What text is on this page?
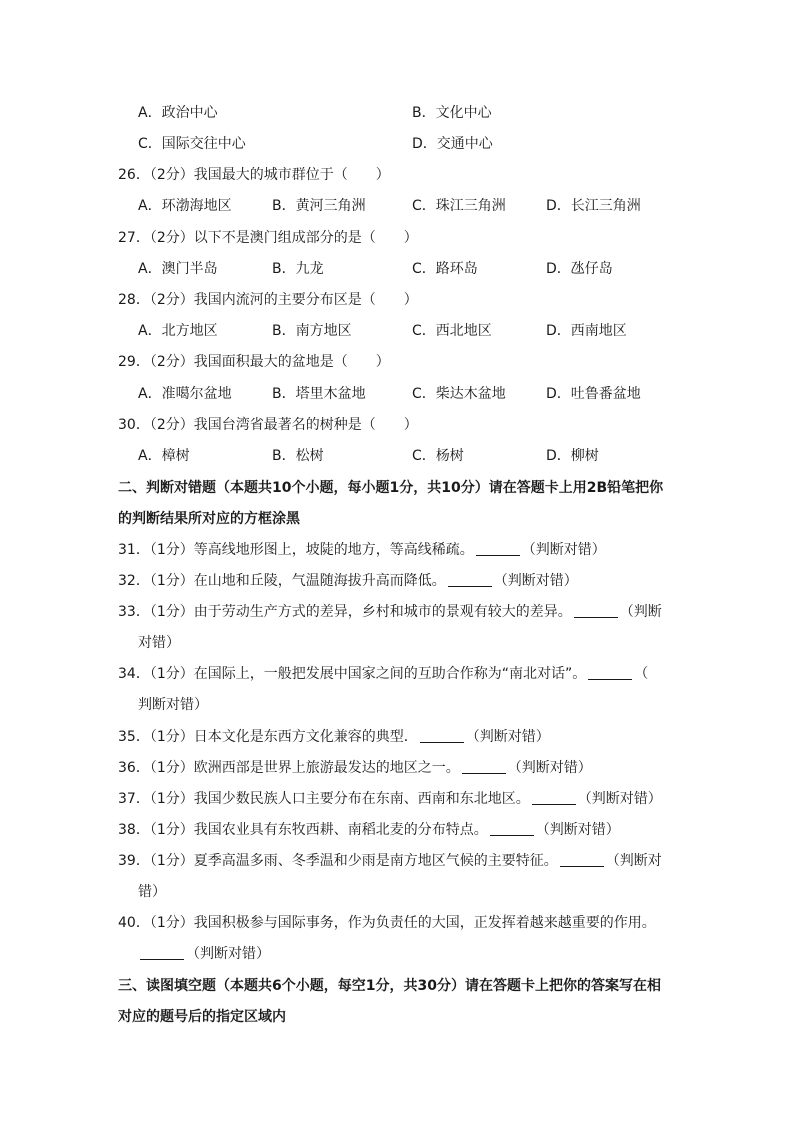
A．政治中心	B．文化中心
C．国际交往中心	D．交通中心
26．（2分）我国最大的城市群位于（　　）
A．环渤海地区	B．黄河三角洲	C．珠江三角洲	D．长江三角洲
27．（2分）以下不是澳门组成部分的是（　　）
A．澳门半岛	B．九龙	C．路环岛	D．氹仔岛
28．（2分）我国内流河的主要分布区是（　　）
A．北方地区	B．南方地区	C．西北地区	D．西南地区
29．（2分）我国面积最大的盆地是（　　）
A．准噶尔盆地	B．塔里木盆地	C．柴达木盆地	D．吐鲁番盆地
30．（2分）我国台湾省最著名的树种是（　　）
A．樟树	B．松树	C．杨树	D．柳树
二、判断对错题（本题共10个小题，每小题1分，共10分）请在答题卡上用2B铅笔把你
的判断结果所对应的方框涂黑
31．（1分）等高线地形图上，坡陡的地方，等高线稀疏。	（判断对错）
32．（1分）在山地和丘陵，气温随海拔升高而降低。	（判断对错）
33．（1分）由于劳动生产方式的差异，乡村和城市的景观有较大的差异。	（判断
对错）
34．（1分）在国际上，一般把发展中国家之间的互助合作称为“南北对话”。	（
判断对错）
35．（1分）日本文化是东西方文化兼容的典型．	（判断对错）
36．（1分）欧洲西部是世界上旅游最发达的地区之一。	（判断对错）
37．（1分）我国少数民族人口主要分布在东南、西南和东北地区。	（判断对错）
38．（1分）我国农业具有东牧西耕、南稻北麦的分布特点。	（判断对错）
39．（1分）夏季高温多雨、冬季温和少雨是南方地区气候的主要特征。	（判断对
错）
40．（1分）我国积极参与国际事务，作为负责任的大国，正发挥着越来越重要的作用。
（判断对错）
三、读图填空题（本题共6个小题，每空1分，共30分）请在答题卡上把你的答案写在相
对应的题号后的指定区域内
